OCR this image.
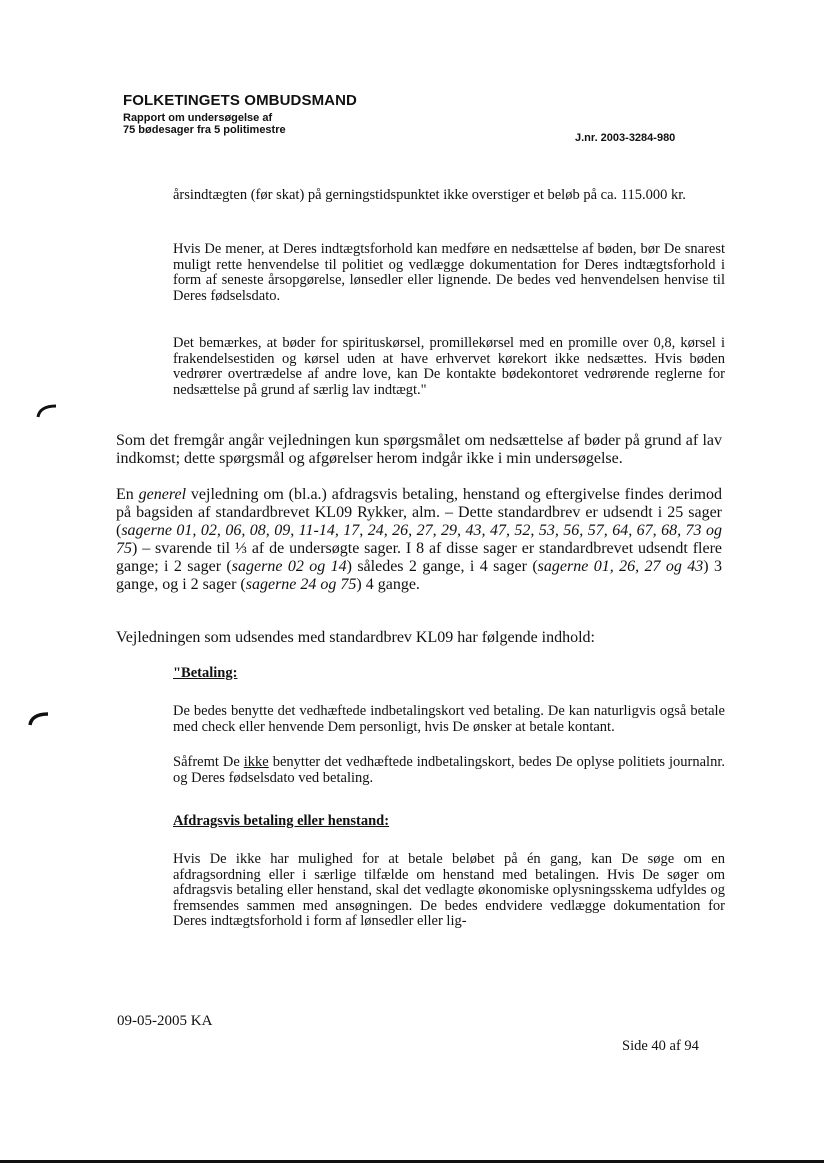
FOLKETINGETS OMBUDSMAND
Rapport om undersøgelse af
75 bødesager fra 5 politimestre
J.nr. 2003-3284-980

årsindtægten (før skat) på gerningstidspunktet ikke overstiger et beløb på ca. 115.000 kr.

Hvis De mener, at Deres indtægtsforhold kan medføre en nedsættelse af bøden, bør De snarest muligt rette henvendelse til politiet og vedlægge dokumentation for Deres indtægtsforhold i form af seneste årsopgørelse, lønsedler eller lignende. De bedes ved henvendelsen henvise til Deres fødselsdato.

Det bemærkes, at bøder for spirituskørsel, promillekørsel med en promille over 0,8, kørsel i frakendelsestiden og kørsel uden at have erhvervet kørekort ikke nedsættes. Hvis bøden vedrører overtrædelse af andre love, kan De kontakte bødekontoret vedrørende reglerne for nedsættelse på grund af særlig lav indtægt."

Som det fremgår angår vejledningen kun spørgsmålet om nedsættelse af bøder på grund af lav indkomst; dette spørgsmål og afgørelser herom indgår ikke i min undersøgelse.

En generel vejledning om (bl.a.) afdragsvis betaling, henstand og eftergivelse findes derimod på bagsiden af standardbrevet KL09 Rykker, alm. – Dette standardbrev er udsendt i 25 sager (sagerne 01, 02, 06, 08, 09, 11-14, 17, 24, 26, 27, 29, 43, 47, 52, 53, 56, 57, 64, 67, 68, 73 og 75) – svarende til ⅓ af de undersøgte sager. I 8 af disse sager er standardbrevet udsendt flere gange; i 2 sager (sagerne 02 og 14) således 2 gange, i 4 sager (sagerne 01, 26, 27 og 43) 3 gange, og i 2 sager (sagerne 24 og 75) 4 gange.

Vejledningen som udsendes med standardbrev KL09 har følgende indhold:

"Betaling:

De bedes benytte det vedhæftede indbetalingskort ved betaling. De kan naturligvis også betale med check eller henvende Dem personligt, hvis De ønsker at betale kontant.

Såfremt De ikke benytter det vedhæftede indbetalingskort, bedes De oplyse politiets journalnr. og Deres fødselsdato ved betaling.

Afdragsvis betaling eller henstand:

Hvis De ikke har mulighed for at betale beløbet på én gang, kan De søge om en afdragsordning eller i særlige tilfælde om henstand med betalingen. Hvis De søger om afdragsvis betaling eller henstand, skal det vedlagte økonomiske oplysningsskema udfyldes og fremsendes sammen med ansøgningen. De bedes endvidere vedlægge dokumentation for Deres indtægtsforhold i form af lønsedler eller lig-

09-05-2005 KA
Side 40 af 94
